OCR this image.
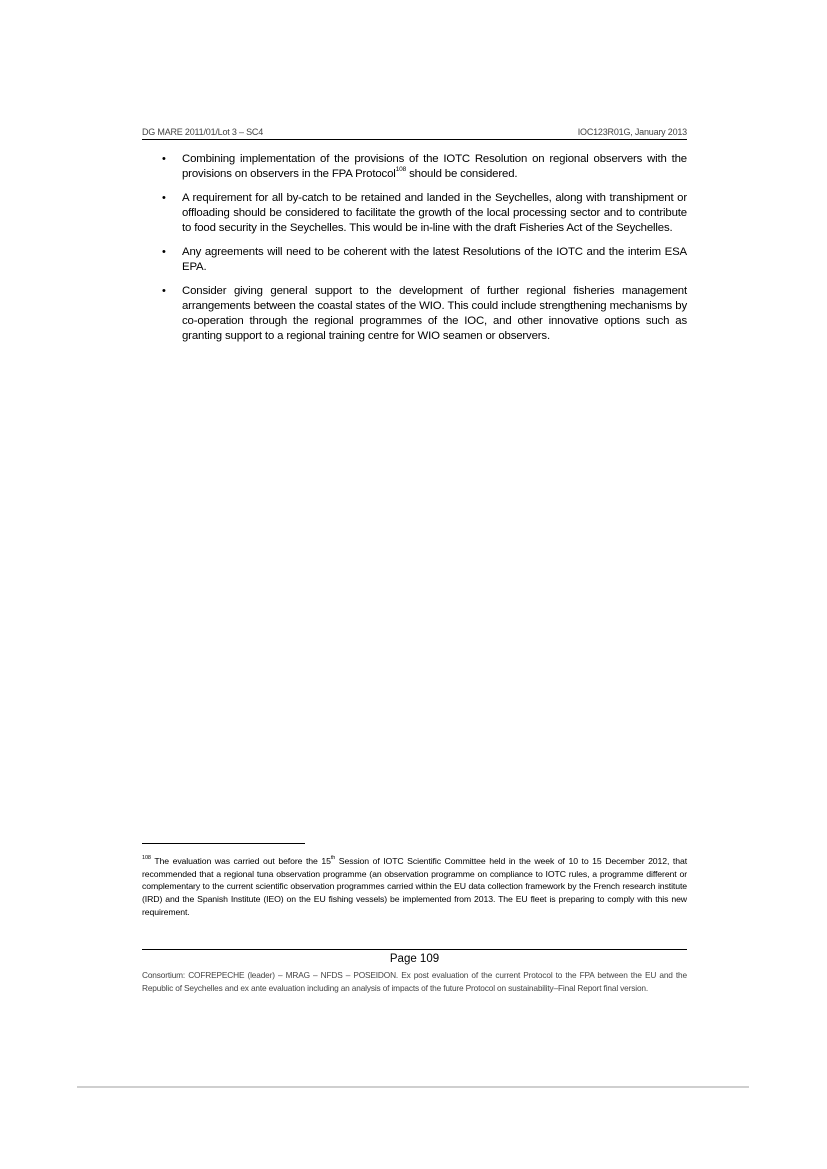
DG MARE 2011/01/Lot 3 – SC4	IOC123R01G, January 2013
• Combining implementation of the provisions of the IOTC Resolution on regional observers with the provisions on observers in the FPA Protocol$^{108}$ should be considered.
• A requirement for all by-catch to be retained and landed in the Seychelles, along with transhipment or offloading should be considered to facilitate the growth of the local processing sector and to contribute to food security in the Seychelles. This would be in-line with the draft Fisheries Act of the Seychelles.
• Any agreements will need to be coherent with the latest Resolutions of the IOTC and the interim ESA EPA.
• Consider giving general support to the development of further regional fisheries management arrangements between the coastal states of the WIO. This could include strengthening mechanisms by co-operation through the regional programmes of the IOC, and other innovative options such as granting support to a regional training centre for WIO seamen or observers.
$^{108}$ The evaluation was carried out before the 15th Session of IOTC Scientific Committee held in the week of 10 to 15 December 2012, that recommended that a regional tuna observation programme (an observation programme on compliance to IOTC rules, a programme different or complementary to the current scientific observation programmes carried within the EU data collection framework by the French research institute (IRD) and the Spanish Institute (IEO) on the EU fishing vessels) be implemented from 2013. The EU fleet is preparing to comply with this new requirement.
Page 109
Consortium: COFREPECHE (leader) – MRAG – NFDS – POSEIDON. Ex post evaluation of the current Protocol to the FPA between the EU and the Republic of Seychelles and ex ante evaluation including an analysis of impacts of the future Protocol on sustainability–Final Report final version.
